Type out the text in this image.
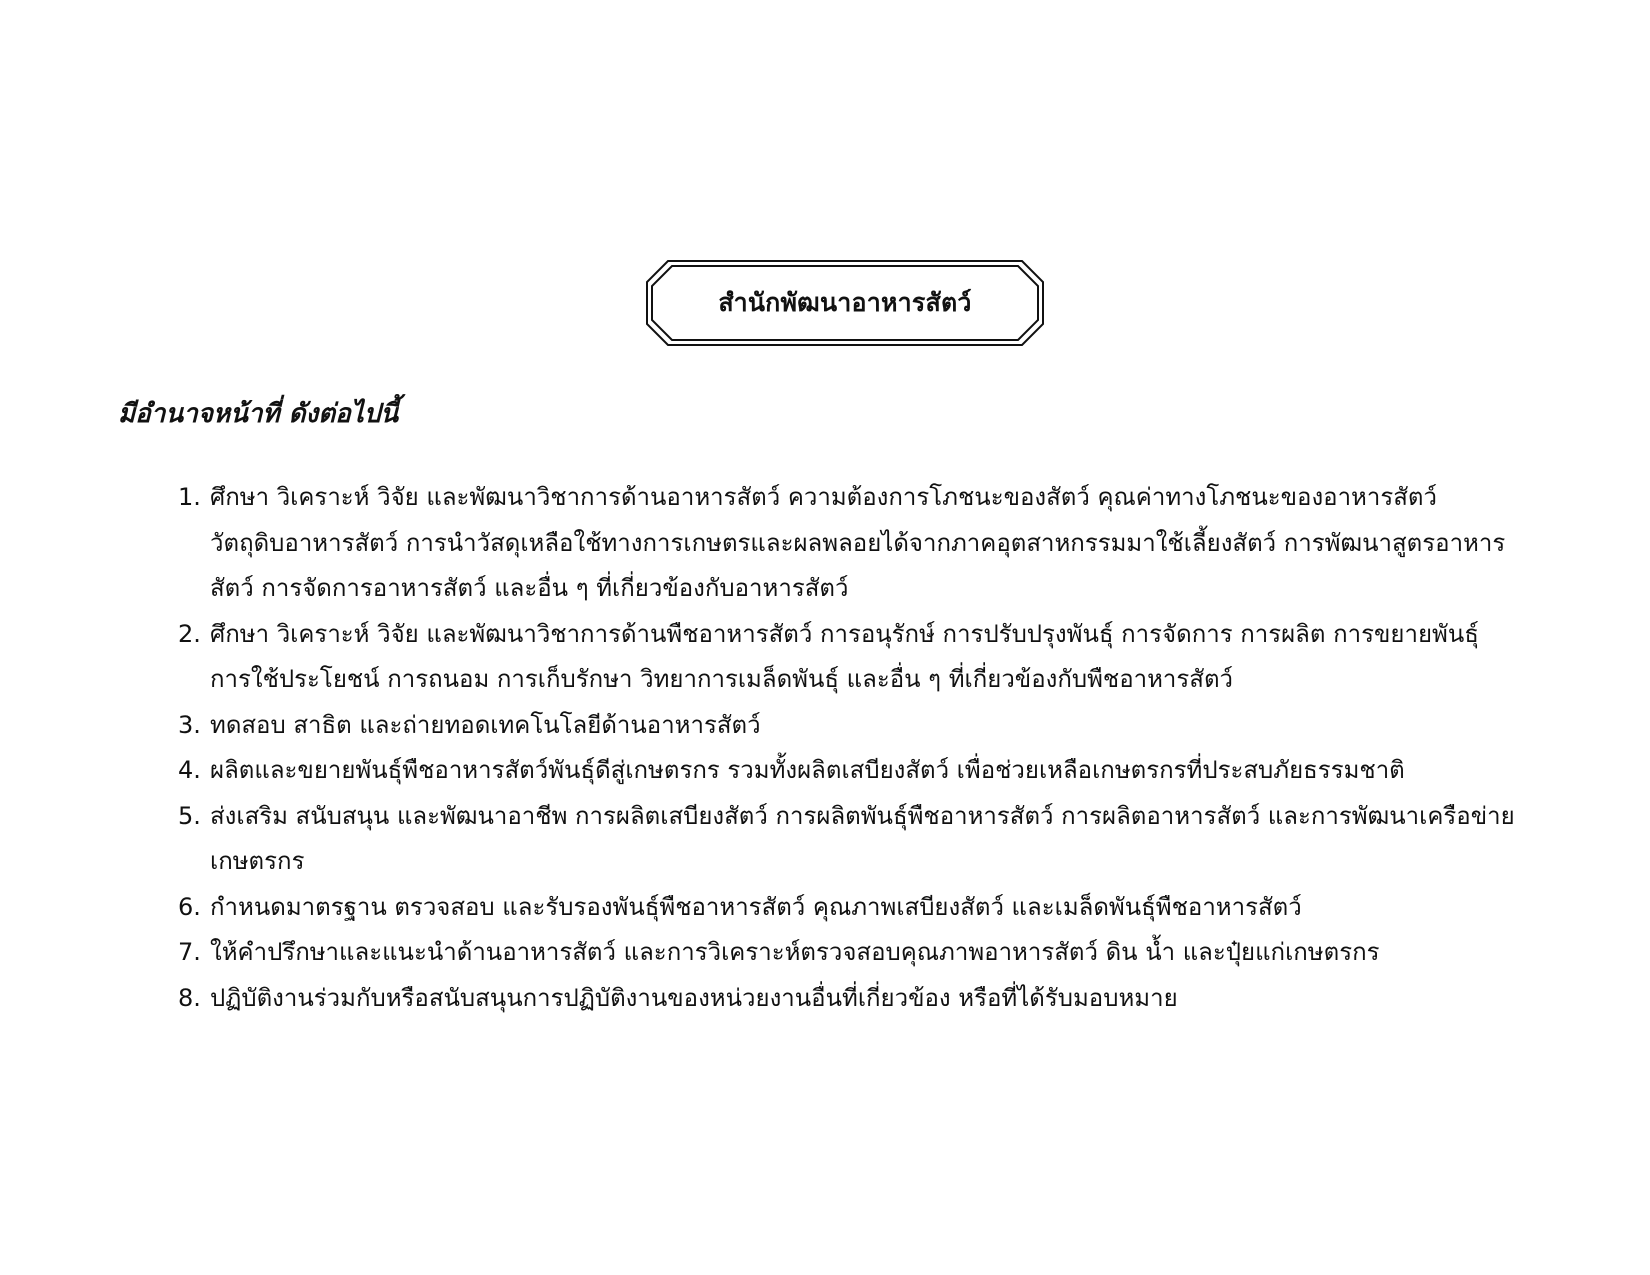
สำนักพัฒนาอาหารสัตว์

มีอำนาจหน้าที่ ดังต่อไปนี้

1. ศึกษา วิเคราะห์ วิจัย และพัฒนาวิชาการด้านอาหารสัตว์ ความต้องการโภชนะของสัตว์ คุณค่าทางโภชนะของอาหารสัตว์ วัตถุดิบอาหารสัตว์ การนำวัสดุเหลือใช้ทางการเกษตรและผลพลอยได้จากภาคอุตสาหกรรมมาใช้เลี้ยงสัตว์ การพัฒนาสูตรอาหารสัตว์ การจัดการอาหารสัตว์ และอื่น ๆ ที่เกี่ยวข้องกับอาหารสัตว์
2. ศึกษา วิเคราะห์ วิจัย และพัฒนาวิชาการด้านพืชอาหารสัตว์ การอนุรักษ์ การปรับปรุงพันธุ์ การจัดการ การผลิต การขยายพันธุ์ การใช้ประโยชน์ การถนอม การเก็บรักษา วิทยาการเมล็ดพันธุ์ และอื่น ๆ ที่เกี่ยวข้องกับพืชอาหารสัตว์
3. ทดสอบ สาธิต และถ่ายทอดเทคโนโลยีด้านอาหารสัตว์
4. ผลิตและขยายพันธุ์พืชอาหารสัตว์พันธุ์ดีสู่เกษตรกร รวมทั้งผลิตเสบียงสัตว์ เพื่อช่วยเหลือเกษตรกรที่ประสบภัยธรรมชาติ
5. ส่งเสริม สนับสนุน และพัฒนาอาชีพ การผลิตเสบียงสัตว์ การผลิตพันธุ์พืชอาหารสัตว์ การผลิตอาหารสัตว์ และการพัฒนาเครือข่ายเกษตรกร
6. กำหนดมาตรฐาน ตรวจสอบ และรับรองพันธุ์พืชอาหารสัตว์ คุณภาพเสบียงสัตว์ และเมล็ดพันธุ์พืชอาหารสัตว์
7. ให้คำปรึกษาและแนะนำด้านอาหารสัตว์ และการวิเคราะห์ตรวจสอบคุณภาพอาหารสัตว์ ดิน น้ำ และปุ๋ยแก่เกษตรกร
8. ปฏิบัติงานร่วมกับหรือสนับสนุนการปฏิบัติงานของหน่วยงานอื่นที่เกี่ยวข้อง หรือที่ได้รับมอบหมาย
